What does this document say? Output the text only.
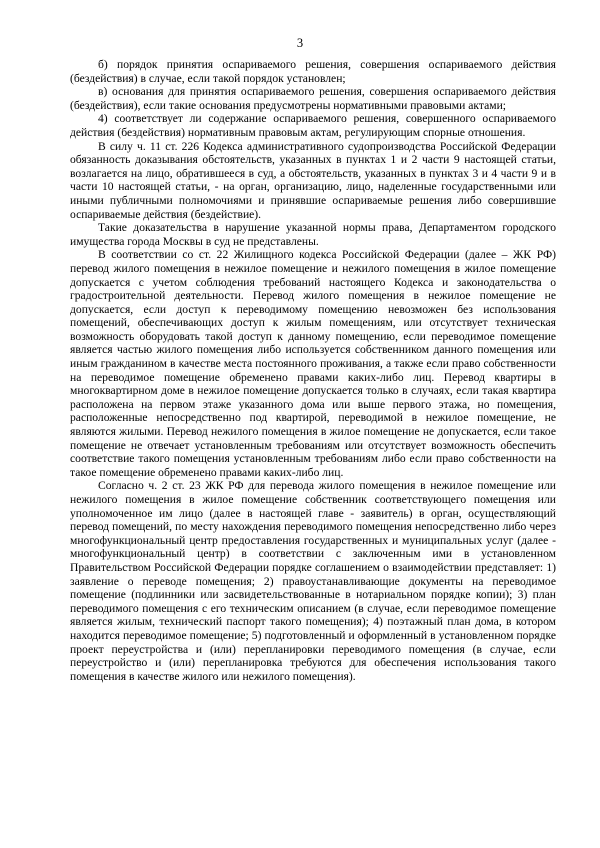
3

б) порядок принятия оспариваемого решения, совершения оспариваемого действия (бездействия) в случае, если такой порядок установлен;

в) основания для принятия оспариваемого решения, совершения оспариваемого действия (бездействия), если такие основания предусмотрены нормативными правовыми актами;

4) соответствует ли содержание оспариваемого решения, совершенного оспариваемого действия (бездействия) нормативным правовым актам, регулирующим спорные отношения.

В силу ч. 11 ст. 226 Кодекса административного судопроизводства Российской Федерации обязанность доказывания обстоятельств, указанных в пунктах 1 и 2 части 9 настоящей статьи, возлагается на лицо, обратившееся в суд, а обстоятельств, указанных в пунктах 3 и 4 части 9 и в части 10 настоящей статьи, - на орган, организацию, лицо, наделенные государственными или иными публичными полномочиями и принявшие оспариваемые решения либо совершившие оспариваемые действия (бездействие).

Такие доказательства в нарушение указанной нормы права, Департаментом городского имущества города Москвы в суд не представлены.

В соответствии со ст. 22 Жилищного кодекса Российской Федерации (далее – ЖК РФ) перевод жилого помещения в нежилое помещение и нежилого помещения в жилое помещение допускается с учетом соблюдения требований настоящего Кодекса и законодательства о градостроительной деятельности. Перевод жилого помещения в нежилое помещение не допускается, если доступ к переводимому помещению невозможен без использования помещений, обеспечивающих доступ к жилым помещениям, или отсутствует техническая возможность оборудовать такой доступ к данному помещению, если переводимое помещение является частью жилого помещения либо используется собственником данного помещения или иным гражданином в качестве места постоянного проживания, а также если право собственности на переводимое помещение обременено правами каких-либо лиц. Перевод квартиры в многоквартирном доме в нежилое помещение допускается только в случаях, если такая квартира расположена на первом этаже указанного дома или выше первого этажа, но помещения, расположенные непосредственно под квартирой, переводимой в нежилое помещение, не являются жилыми. Перевод нежилого помещения в жилое помещение не допускается, если такое помещение не отвечает установленным требованиям или отсутствует возможность обеспечить соответствие такого помещения установленным требованиям либо если право собственности на такое помещение обременено правами каких-либо лиц.

Согласно ч. 2 ст. 23 ЖК РФ для перевода жилого помещения в нежилое помещение или нежилого помещения в жилое помещение собственник соответствующего помещения или уполномоченное им лицо (далее в настоящей главе - заявитель) в орган, осуществляющий перевод помещений, по месту нахождения переводимого помещения непосредственно либо через многофункциональный центр предоставления государственных и муниципальных услуг (далее - многофункциональный центр) в соответствии с заключенным ими в установленном Правительством Российской Федерации порядке соглашением о взаимодействии представляет: 1) заявление о переводе помещения; 2) правоустанавливающие документы на переводимое помещение (подлинники или засвидетельствованные в нотариальном порядке копии); 3) план переводимого помещения с его техническим описанием (в случае, если переводимое помещение является жилым, технический паспорт такого помещения); 4) поэтажный план дома, в котором находится переводимое помещение; 5) подготовленный и оформленный в установленном порядке проект переустройства и (или) перепланировки переводимого помещения (в случае, если переустройство и (или) перепланировка требуются для обеспечения использования такого помещения в качестве жилого или нежилого помещения).
